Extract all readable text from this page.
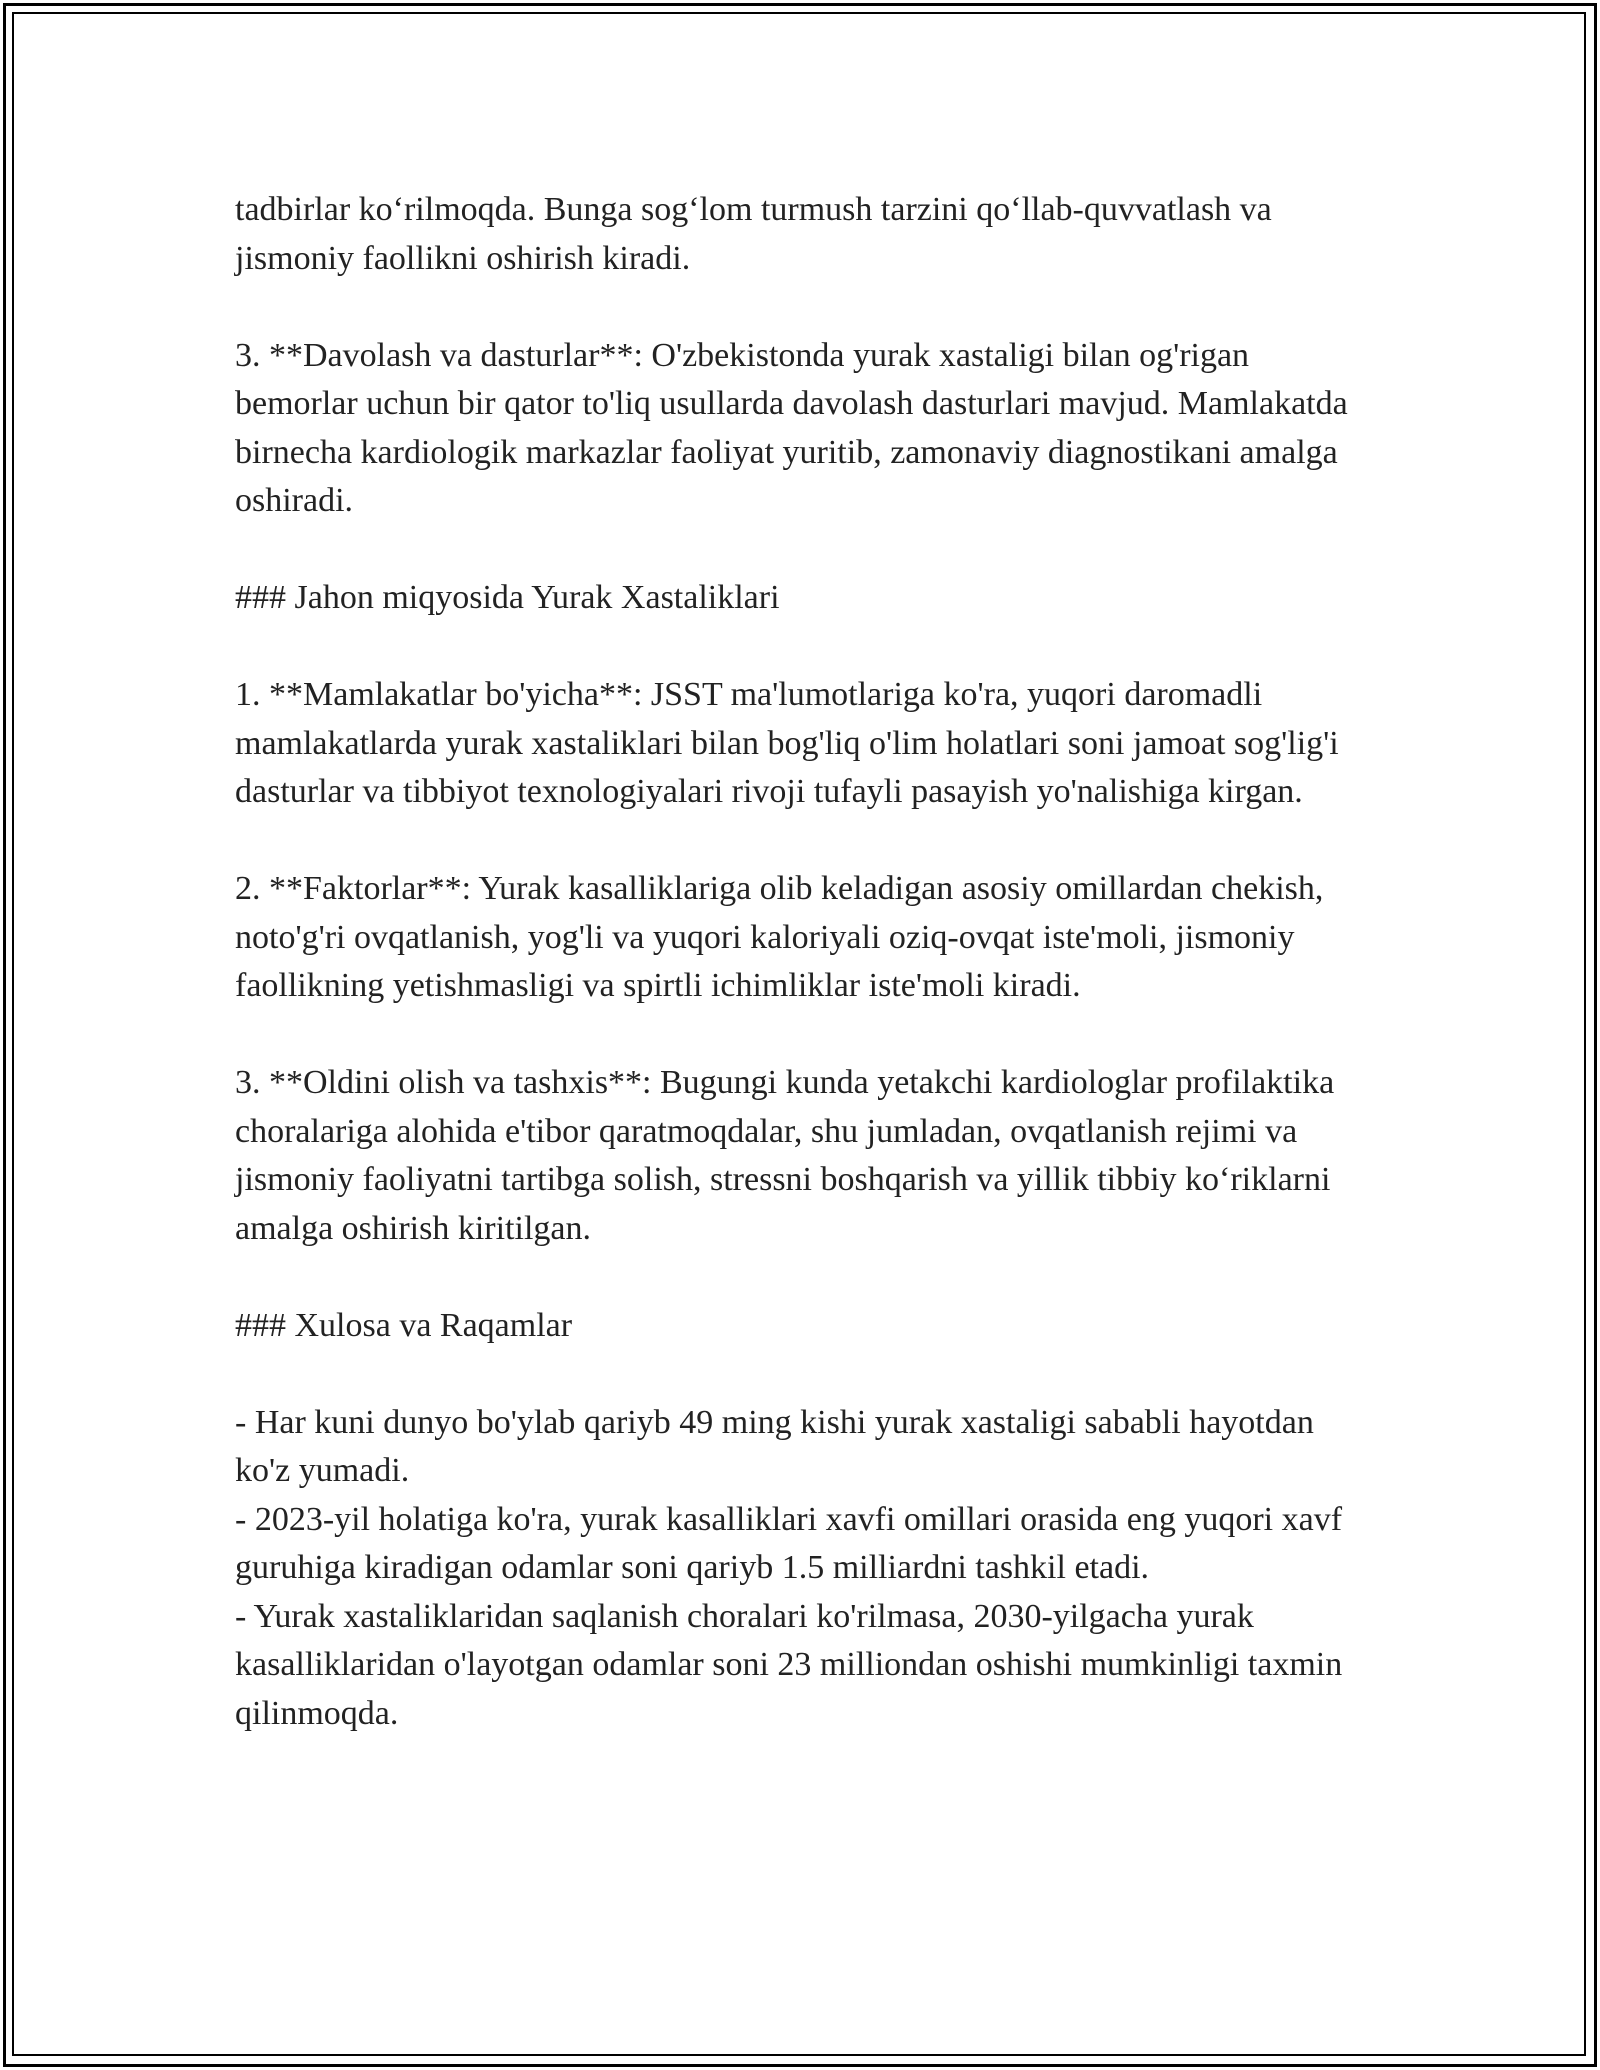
tadbirlar ko‘rilmoqda. Bunga sog‘lom turmush tarzini qo‘llab-quvvatlash va jismoniy faollikni oshirish kiradi.

3. **Davolash va dasturlar**: O'zbekistonda yurak xastaligi bilan og'rigan bemorlar uchun bir qator to'liq usullarda davolash dasturlari mavjud. Mamlakatda birnecha kardiologik markazlar faoliyat yuritib, zamonaviy diagnostikani amalga oshiradi.

### Jahon miqyosida Yurak Xastaliklari

1. **Mamlakatlar bo'yicha**: JSST ma'lumotlariga ko'ra, yuqori daromadli mamlakatlarda yurak xastaliklari bilan bog'liq o'lim holatlari soni jamoat sog'lig'i dasturlar va tibbiyot texnologiyalari rivoji tufayli pasayish yo'nalishiga kirgan.

2. **Faktorlar**: Yurak kasalliklariga olib keladigan asosiy omillardan chekish, noto'g'ri ovqatlanish, yog'li va yuqori kaloriyali oziq-ovqat iste'moli, jismoniy faollikning yetishmasligi va spirtli ichimliklar iste'moli kiradi.

3. **Oldini olish va tashxis**: Bugungi kunda yetakchi kardiologlar profilaktika choralariga alohida e'tibor qaratmoqdalar, shu jumladan, ovqatlanish rejimi va jismoniy faoliyatni tartibga solish, stressni boshqarish va yillik tibbiy ko‘riklarni amalga oshirish kiritilgan.

### Xulosa va Raqamlar

- Har kuni dunyo bo'ylab qariyb 49 ming kishi yurak xastaligi sababli hayotdan ko'z yumadi.

- 2023-yil holatiga ko'ra, yurak kasalliklari xavfi omillari orasida eng yuqori xavf guruhiga kiradigan odamlar soni qariyb 1.5 milliardni tashkil etadi.

- Yurak xastaliklaridan saqlanish choralari ko'rilmasa, 2030-yilgacha yurak kasalliklaridan o'layotgan odamlar soni 23 milliondan oshishi mumkinligi taxmin qilinmoqda.
